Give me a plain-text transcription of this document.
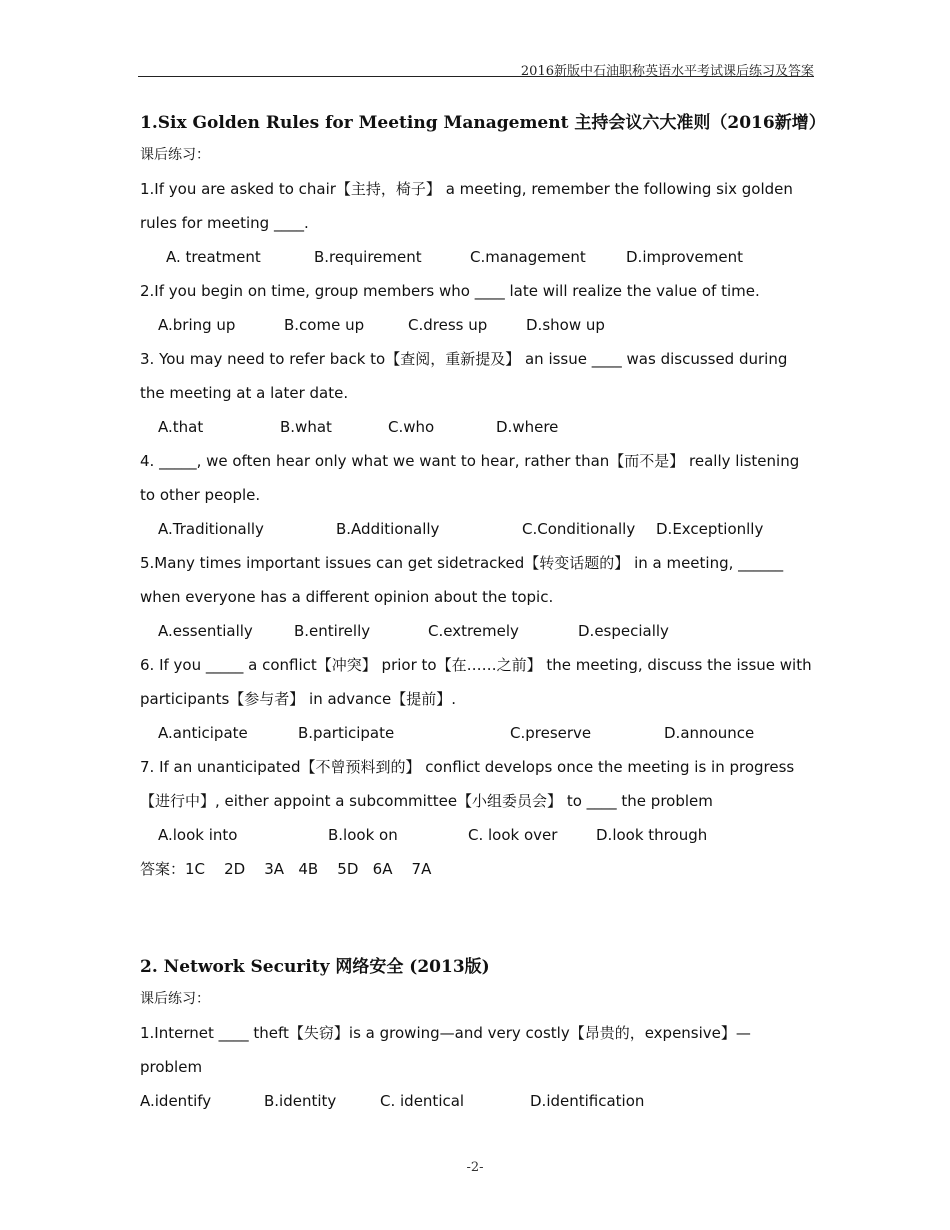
2016新版中石油职称英语水平考试课后练习及答案
1.Six Golden Rules for Meeting Management 主持会议六大准则（2016新增）
课后练习：
1.If you are asked to chair【主持，椅子】 a meeting, remember the following six golden rules for meeting ____.
A. treatment	B.requirement	C.management	D.improvement
2.If you begin on time, group members who ____ late will realize the value of time.
A.bring up	B.come up	C.dress up	D.show up
3. You may need to refer back to【查阅，重新提及】 an issue ____ was discussed during the meeting at a later date.
A.that	B.what	C.who	D.where
4. _____, we often hear only what we want to hear, rather than【而不是】 really listening to other people.
A.Traditionally	B.Additionally	C.Conditionally	D.Exceptionlly
5.Many times important issues can get sidetracked【转变话题的】 in a meeting, ______ when everyone has a different opinion about the topic.
A.essentially	B.entirelly	C.extremely	D.especially
6. If you _____ a conflict【冲突】 prior to【在……之前】 the meeting, discuss the issue with participants【参与者】 in advance【提前】.
A.anticipate	B.participate	C.preserve	D.announce
7. If an unanticipated【不曾预料到的】 conflict develops once the meeting is in progress【进行中】, either appoint a subcommittee【小组委员会】 to ____ the problem
A.look into	B.look on	C. look over	D.look through
答案：1C    2D    3A   4B    5D   6A    7A
2. Network Security 网络安全 (2013版)
课后练习：
1.Internet ____ theft【失窃】is a growing—and very costly【昂贵的，expensive】—problem
A.identify	B.identity	C. identical	D.identification
-2-
